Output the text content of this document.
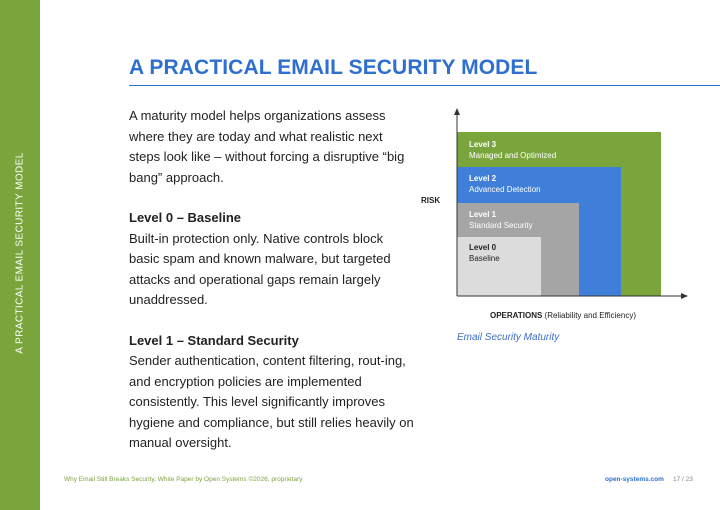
A PRACTICAL EMAIL SECURITY MODEL
A PRACTICAL EMAIL SECURITY MODEL

A maturity model helps organizations assess where they are today and what realistic next steps look like – without forcing a disruptive “big bang” approach.

Level 0 – Baseline

Built-in protection only. Native controls block basic spam and known malware, but targeted attacks and operational gaps remain largely unaddressed.

Level 1 – Standard Security

Sender authentication, content filtering, rout-ing, and encryption policies are implemented consistently. This level significantly improves hygiene and compliance, but still relies heavily on manual oversight.

Level 3
Managed and Optimized
Level 2
Advanced Detection
Level 1
Standard Security
Level 0
Baseline
RISK
OPERATIONS (Reliability and Efficiency)
Email Security Maturity
Why Email Still Breaks Security, White Paper by Open Systems ©2026, proprietary	open-systems.com 17 / 23
